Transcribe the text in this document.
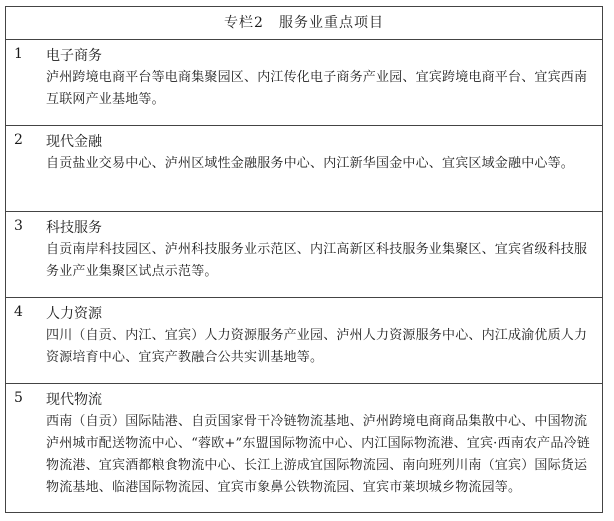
专栏2　服务业重点项目
1 电子商务
泸州跨境电商平台等电商集聚园区、内江传化电子商务产业园、宜宾跨境电商平台、宜宾西南互联网产业基地等。
2 现代金融
自贡盐业交易中心、泸州区域性金融服务中心、内江新华国金中心、宜宾区域金融中心等。
3 科技服务
自贡南岸科技园区、泸州科技服务业示范区、内江高新区科技服务业集聚区、宜宾省级科技服务业产业集聚区试点示范等。
4 人力资源
四川（自贡、内江、宜宾）人力资源服务产业园、泸州人力资源服务中心、内江成渝优质人力资源培育中心、宜宾产教融合公共实训基地等。
5 现代物流
西南（自贡）国际陆港、自贡国家骨干冷链物流基地、泸州跨境电商商品集散中心、中国物流泸州城市配送物流中心、“蓉欧+”东盟国际物流中心、内江国际物流港、宜宾·西南农产品冷链物流港、宜宾酒都粮食物流中心、长江上游成宜国际物流园、南向班列川南（宜宾）国际货运物流基地、临港国际物流园、宜宾市象鼻公铁物流园、宜宾市莱坝城乡物流园等。
